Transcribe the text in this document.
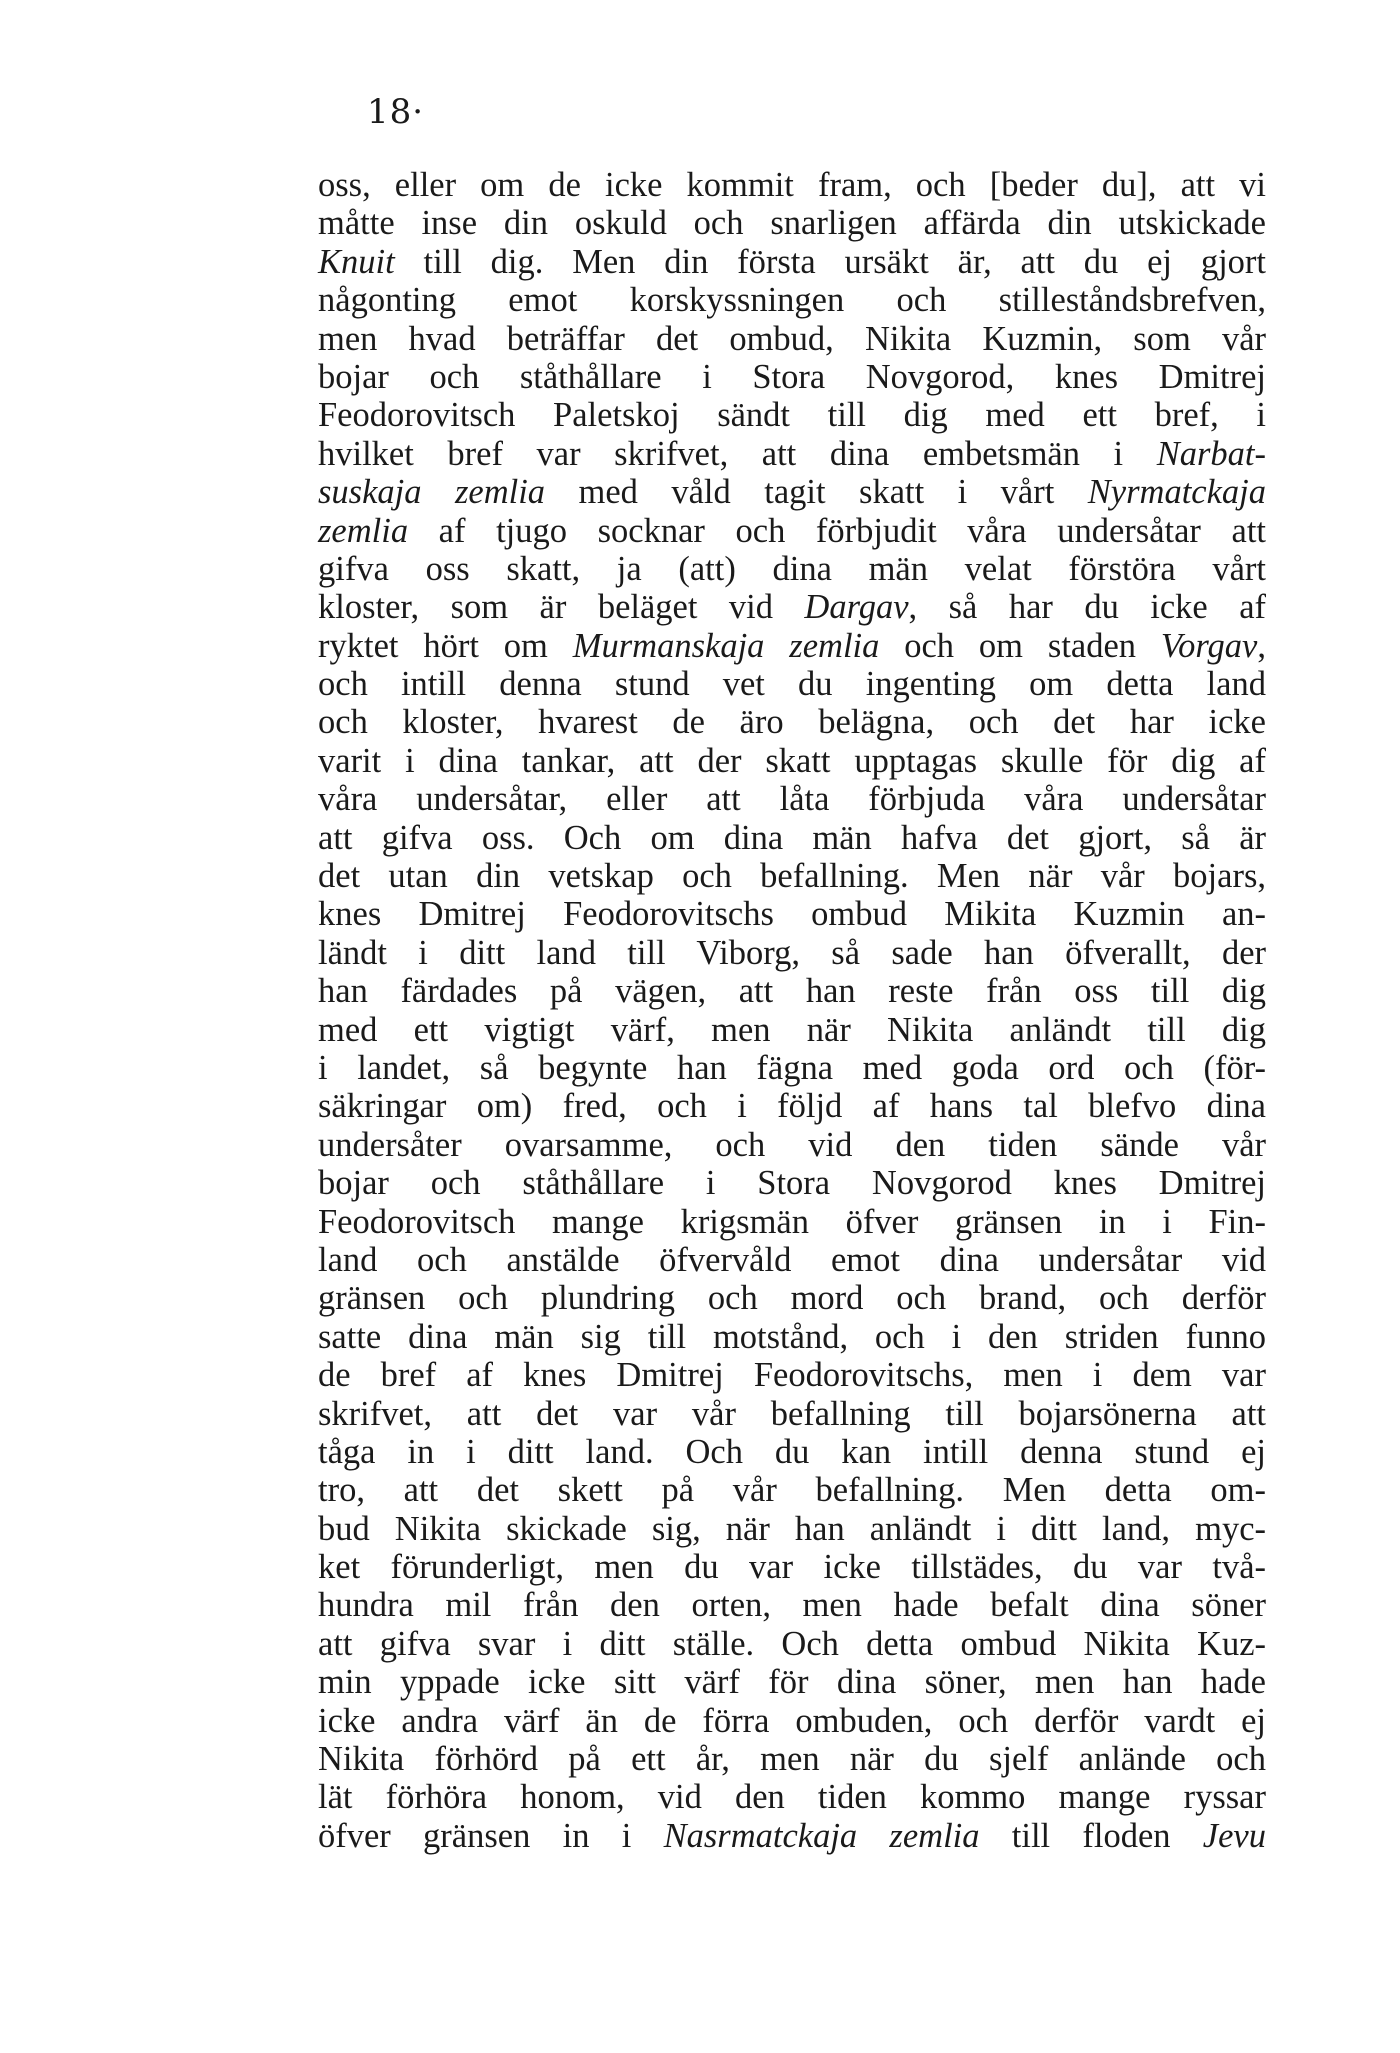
18·
oss, eller om de icke kommit fram, och [beder du], att vi
måtte inse din oskuld och snarligen affärda din utskickade
Knuit till dig. Men din första ursäkt är, att du ej gjort
någonting emot korskyssningen och stilleståndsbrefven,
men hvad beträffar det ombud, Nikita Kuzmin, som vår
bojar och ståthållare i Stora Novgorod, knes Dmitrej
Feodorovitsch Paletskoj sändt till dig med ett bref, i
hvilket bref var skrifvet, att dina embetsmän i Narbat-
suskaja zemlia med våld tagit skatt i vårt Nyrmatckaja
zemlia af tjugo socknar och förbjudit våra undersåtar att
gifva oss skatt, ja (att) dina män velat förstöra vårt
kloster, som är beläget vid Dargav, så har du icke af
ryktet hört om Murmanskaja zemlia och om staden Vorgav,
och intill denna stund vet du ingenting om detta land
och kloster, hvarest de äro belägna, och det har icke
varit i dina tankar, att der skatt upptagas skulle för dig af
våra undersåtar, eller att låta förbjuda våra undersåtar
att gifva oss. Och om dina män hafva det gjort, så är
det utan din vetskap och befallning. Men när vår bojars,
knes Dmitrej Feodorovitschs ombud Mikita Kuzmin an-
ländt i ditt land till Viborg, så sade han öfverallt, der
han färdades på vägen, att han reste från oss till dig
med ett vigtigt värf, men när Nikita anländt till dig
i landet, så begynte han fägna med goda ord och (för-
säkringar om) fred, och i följd af hans tal blefvo dina
undersåter ovarsamme, och vid den tiden sände vår
bojar och ståthållare i Stora Novgorod knes Dmitrej
Feodorovitsch mange krigsmän öfver gränsen in i Fin-
land och anstälde öfvervåld emot dina undersåtar vid
gränsen och plundring och mord och brand, och derför
satte dina män sig till motstånd, och i den striden funno
de bref af knes Dmitrej Feodorovitschs, men i dem var
skrifvet, att det var vår befallning till bojarsönerna att
tåga in i ditt land. Och du kan intill denna stund ej
tro, att det skett på vår befallning. Men detta om-
bud Nikita skickade sig, när han anländt i ditt land, myc-
ket förunderligt, men du var icke tillstädes, du var två-
hundra mil från den orten, men hade befalt dina söner
att gifva svar i ditt ställe. Och detta ombud Nikita Kuz-
min yppade icke sitt värf för dina söner, men han hade
icke andra värf än de förra ombuden, och derför vardt ej
Nikita förhörd på ett år, men när du sjelf anlände och
lät förhöra honom, vid den tiden kommo mange ryssar
öfver gränsen in i Nasrmatckaja zemlia till floden Jevu
